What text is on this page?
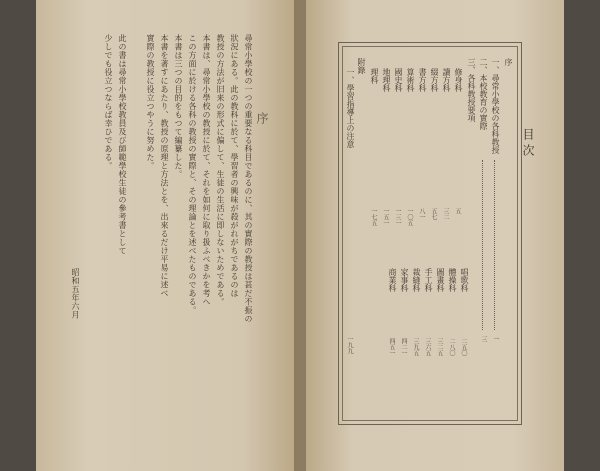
序
尋常小學校の一つの重要なる科目であるのに、其の實際の教授は甚だ不振の
狀況にある。此の教科に於て、學習者の興味が殺がれがちであるのは
教授の方法が旧来の形式に偏して、生徒の生活に即しないためである。
本書は、尋常小學校の教授に於て、それを如何に取り扱ふべきかを考へ
この方面に於ける各科の教授の實際と、その理論とを述べたものである。
本書は三つの目的をもつて編纂した。
本書を著すにあたり、教授の原理と方法とを、出來るだけ平易に述べ
實際の教授に役立つやうに努めた。
此の書は尋常小學校教員及び師範學校生徒の參考書として
少しでも役立つならば幸ひである。
昭和五年六月
目次
序
一、尋常小學校の各科教授
一
二、本校教育の實際
三
三、各科教授要項
修身科
五
讀方科
三二
綴方科
五七
書方科
八一
算術科
一〇五
國史科
一三一
地理科
一五一
理科
一七五
附錄
一、學習指導上の注意
一九九
唱歌科
體操科
圖畫科
手工科
裁縫科
家事科
商業科
二五〇
二八〇
三二五
三六五
三九五
四二一
四五一
